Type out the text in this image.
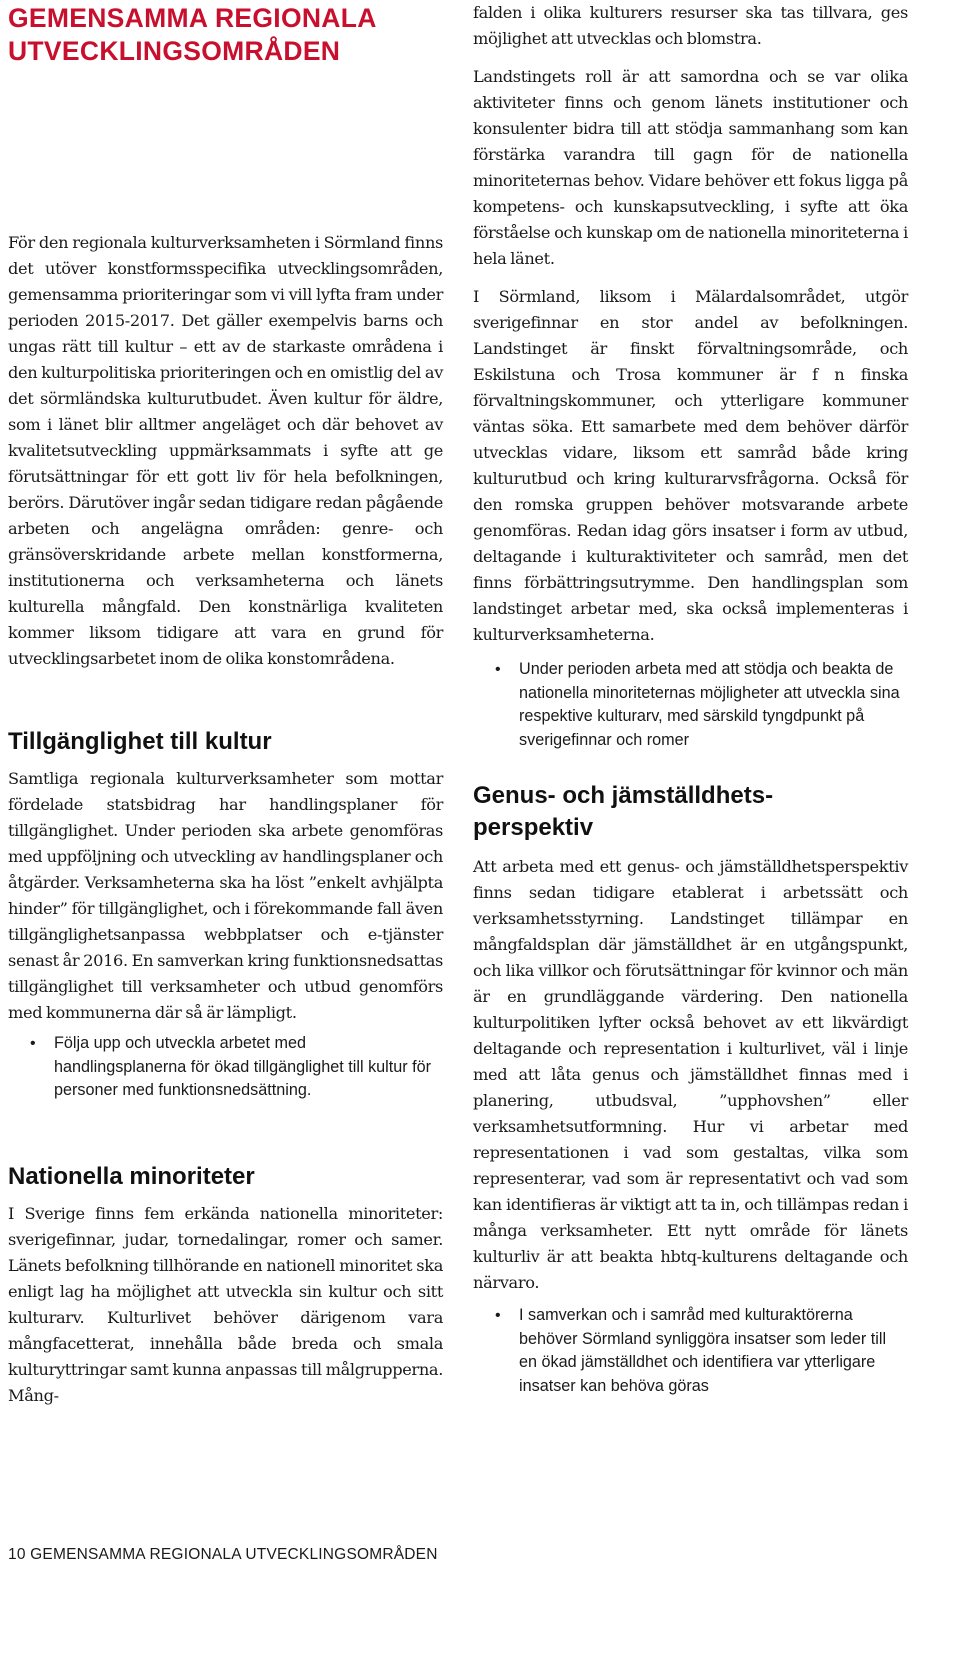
GEMENSAMMA REGIONALA
UTVECKLINGSOMRÅDEN

För den regionala kulturverksamheten i Sörmland finns det utöver konstformsspecifika utvecklingsområden, gemensamma prioriteringar som vi vill lyfta fram under perioden 2015-2017. Det gäller exempelvis barns och ungas rätt till kultur – ett av de starkaste områdena i den kulturpolitiska prioriteringen och en omistlig del av det sörmländska kulturutbudet. Även kultur för äldre, som i länet blir alltmer angeläget och där behovet av kvalitetsutveckling uppmärksammats i syfte att ge förutsättningar för ett gott liv för hela befolkningen, berörs. Därutöver ingår sedan tidigare redan pågående arbeten och angelägna områden: genre- och gränsöverskridande arbete mellan konstformerna, institutionerna och verksamheterna och länets kulturella mångfald. Den konstnärliga kvaliteten kommer liksom tidigare att vara en grund för utvecklingsarbetet inom de olika konstområdena.

Tillgänglighet till kultur

Samtliga regionala kulturverksamheter som mottar fördelade statsbidrag har handlingsplaner för tillgänglighet. Under perioden ska arbete genomföras med uppföljning och utveckling av handlingsplaner och åtgärder. Verksamheterna ska ha löst ”enkelt avhjälpta hinder” för tillgänglighet, och i förekommande fall även tillgänglighetsanpassa webbplatser och e-tjänster senast år 2016. En samverkan kring funktionsnedsattas tillgänglighet till verksamheter och utbud genomförs med kommunerna där så är lämpligt.

• Följa upp och utveckla arbetet med handlingsplanerna för ökad tillgänglighet till kultur för personer med funktionsnedsättning.
Nationella minoriteter

I Sverige finns fem erkända nationella minoriteter: sverigefinnar, judar, tornedalingar, romer och samer. Länets befolkning tillhörande en nationell minoritet ska enligt lag ha möjlighet att utveckla sin kultur och sitt kulturarv. Kulturlivet behöver därigenom vara mångfacetterat, innehålla både breda och smala kulturyttringar samt kunna anpassas till målgrupperna. Mång-

falden i olika kulturers resurser ska tas tillvara, ges möjlighet att utvecklas och blomstra.

Landstingets roll är att samordna och se var olika aktiviteter finns och genom länets institutioner och konsulenter bidra till att stödja sammanhang som kan förstärka varandra till gagn för de nationella minoriteternas behov. Vidare behöver ett fokus ligga på kompetens- och kunskapsutveckling, i syfte att öka förståelse och kunskap om de nationella minoriteterna i hela länet.

I Sörmland, liksom i Mälardalsområdet, utgör sverigefinnar en stor andel av befolkningen. Landstinget är finskt förvaltningsområde, och Eskilstuna och Trosa kommuner är f n finska förvaltningskommuner, och ytterligare kommuner väntas söka. Ett samarbete med dem behöver därför utvecklas vidare, liksom ett samråd både kring kulturutbud och kring kulturarvsfrågorna. Också för den romska gruppen behöver motsvarande arbete genomföras. Redan idag görs insatser i form av utbud, deltagande i kulturaktiviteter och samråd, men det finns förbättringsutrymme. Den handlingsplan som landstinget arbetar med, ska också implementeras i kulturverksamheterna.

• Under perioden arbeta med att stödja och beakta de nationella minoriteternas möjligheter att utveckla sina respektive kulturarv, med särskild tyngdpunkt på sverigefinnar och romer
Genus- och jämställdhets-
perspektiv

Att arbeta med ett genus- och jämställdhetsperspektiv finns sedan tidigare etablerat i arbetssätt och verksamhetsstyrning. Landstinget tillämpar en mångfaldsplan där jämställdhet är en utgångspunkt, och lika villkor och förutsättningar för kvinnor och män är en grundläggande värdering. Den nationella kulturpolitiken lyfter också behovet av ett likvärdigt deltagande och representation i kulturlivet, väl i linje med att låta genus och jämställdhet finnas med i planering, utbudsval, ”upphovshen” eller verksamhetsutformning. Hur vi arbetar med representationen i vad som gestaltas, vilka som representerar, vad som är representativt och vad som kan identifieras är viktigt att ta in, och tillämpas redan i många verksamheter. Ett nytt område för länets kulturliv är att beakta hbtq-kulturens deltagande och närvaro.

• I samverkan och i samråd med kulturaktörerna behöver Sörmland synliggöra insatser som leder till en ökad jämställdhet och identifiera var ytterligare insatser kan behöva göras
10 GEMENSAMMA REGIONALA UTVECKLINGSOMRÅDEN
